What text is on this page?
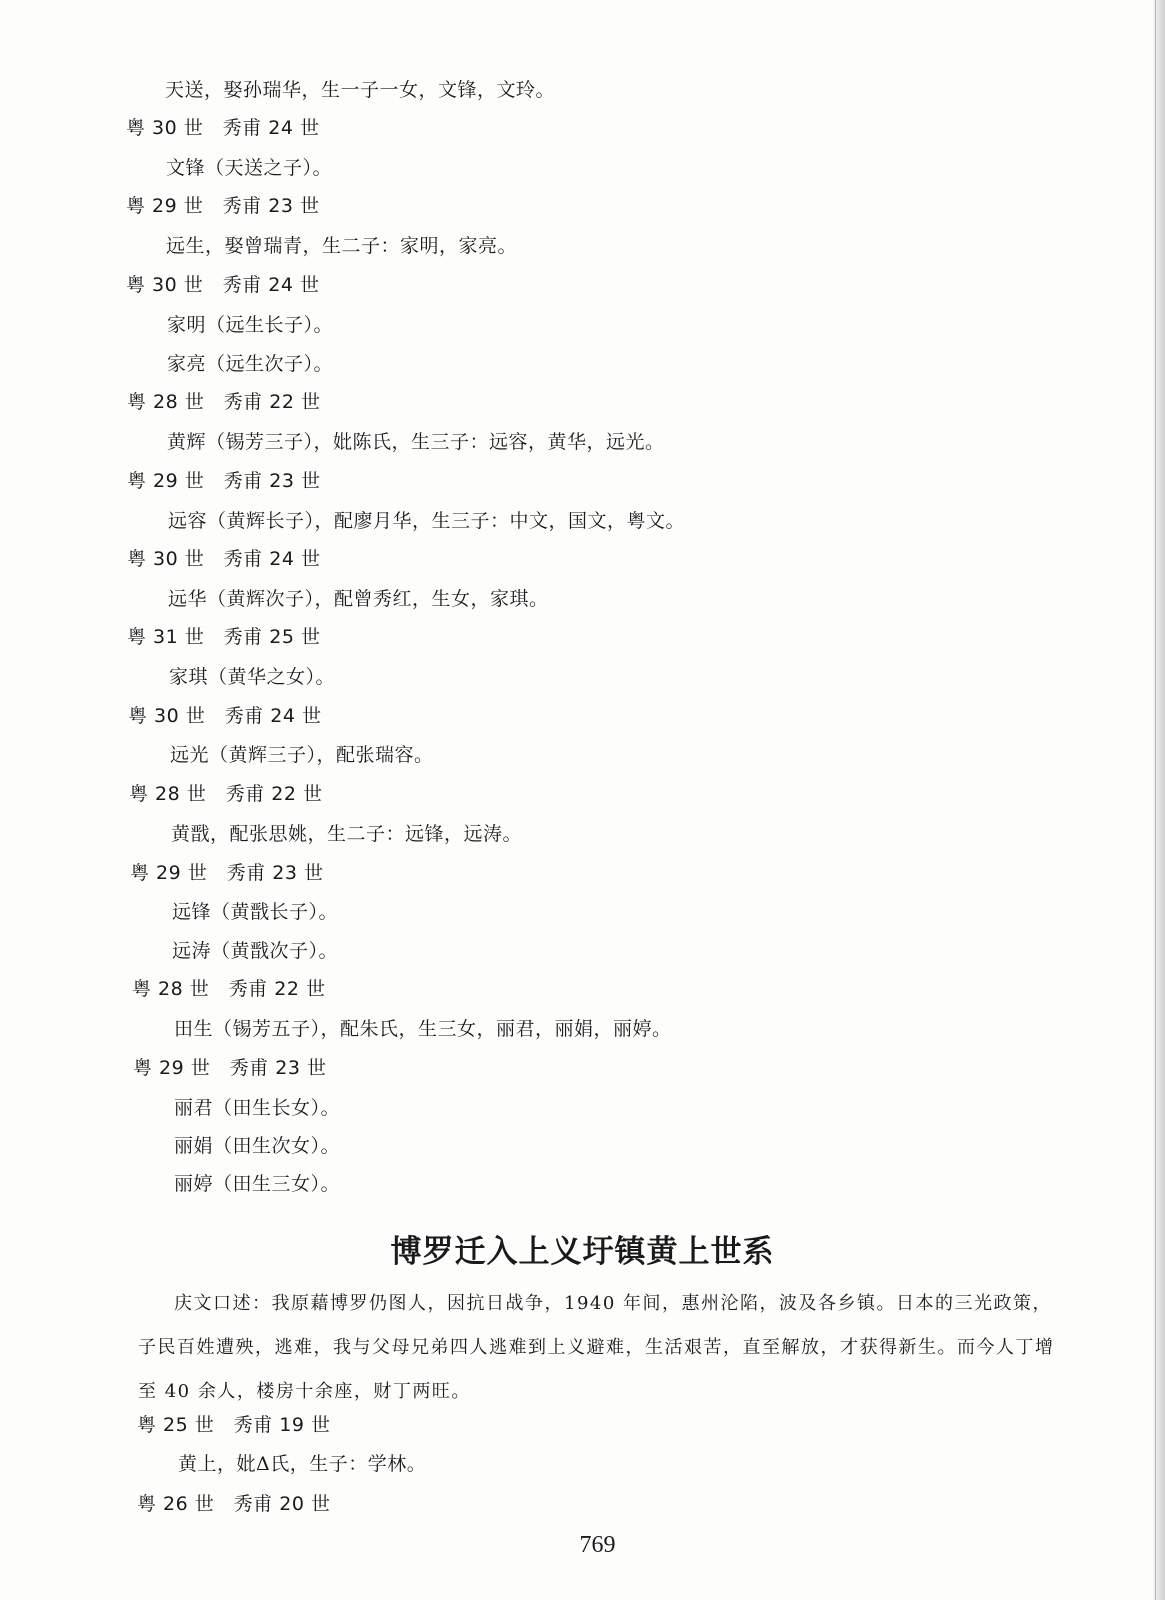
天送，娶孙瑞华，生一子一女，文锋，文玲。
粤 30 世　秀甫 24 世
文锋（天送之子）。
粤 29 世　秀甫 23 世
远生，娶曾瑞青，生二子：家明，家亮。
粤 30 世　秀甫 24 世
家明（远生长子）。
家亮（远生次子）。
粤 28 世　秀甫 22 世
黄辉（锡芳三子），妣陈氏，生三子：远容，黄华，远光。
粤 29 世　秀甫 23 世
远容（黄辉长子），配廖月华，生三子：中文，国文，粤文。
粤 30 世　秀甫 24 世
远华（黄辉次子），配曾秀红，生女，家琪。
粤 31 世　秀甫 25 世
家琪（黄华之女）。
粤 30 世　秀甫 24 世
远光（黄辉三子），配张瑞容。
粤 28 世　秀甫 22 世
黄戬，配张思姚，生二子：远锋，远涛。
粤 29 世　秀甫 23 世
远锋（黄戬长子）。
远涛（黄戬次子）。
粤 28 世　秀甫 22 世
田生（锡芳五子），配朱氏，生三女，丽君，丽娟，丽婷。
粤 29 世　秀甫 23 世
丽君（田生长女）。
丽娟（田生次女）。
丽婷（田生三女）。
博罗迁入上义圩镇黄上世系
庆文口述：我原藉博罗仍图人，因抗日战争，1940 年间，惠州沦陷，波及各乡镇。日本的三光政策，子民百姓遭殃，逃难，我与父母兄弟四人逃难到上义避难，生活艰苦，直至解放，才获得新生。而今人丁增至 40 余人，楼房十余座，财丁两旺。
粤 25 世　秀甫 19 世
黄上，妣Δ氏，生子：学林。
粤 26 世　秀甫 20 世
769
